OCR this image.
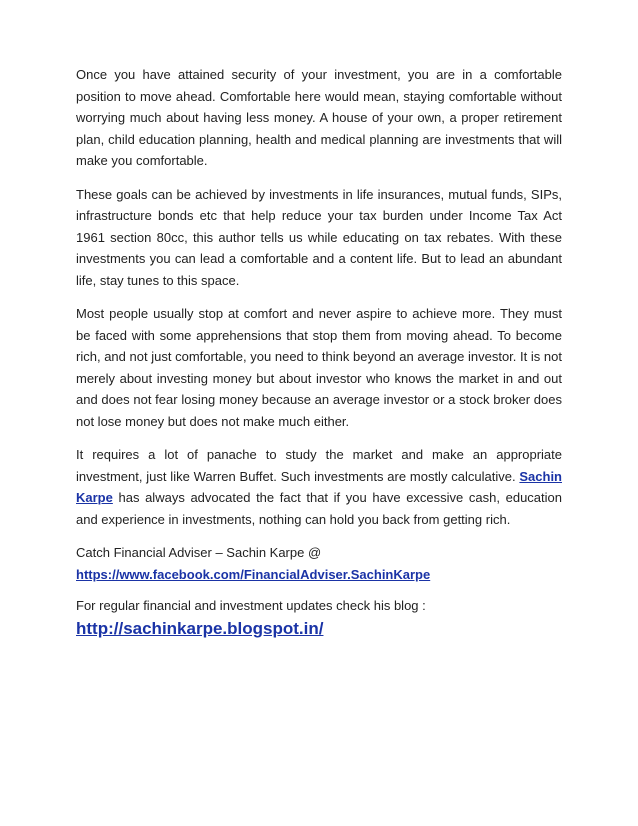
Once you have attained security of your investment, you are in a comfortable position to move ahead. Comfortable here would mean, staying comfortable without worrying much about having less money. A house of your own, a proper retirement plan, child education planning, health and medical planning are investments that will make you comfortable.

These goals can be achieved by investments in life insurances, mutual funds, SIPs, infrastructure bonds etc that help reduce your tax burden under Income Tax Act 1961 section 80cc, this author tells us while educating on tax rebates. With these investments you can lead a comfortable and a content life. But to lead an abundant life, stay tunes to this space.

Most people usually stop at comfort and never aspire to achieve more. They must be faced with some apprehensions that stop them from moving ahead. To become rich, and not just comfortable, you need to think beyond an average investor. It is not merely about investing money but about investor who knows the market in and out and does not fear losing money because an average investor or a stock broker does not lose money but does not make much either.

It requires a lot of panache to study the market and make an appropriate investment, just like Warren Buffet. Such investments are mostly calculative. Sachin Karpe has always advocated the fact that if you have excessive cash, education and experience in investments, nothing can hold you back from getting rich.

Catch Financial Adviser – Sachin Karpe @
https://www.facebook.com/FinancialAdviser.SachinKarpe

For regular financial and investment updates check his blog :
http://sachinkarpe.blogspot.in/
